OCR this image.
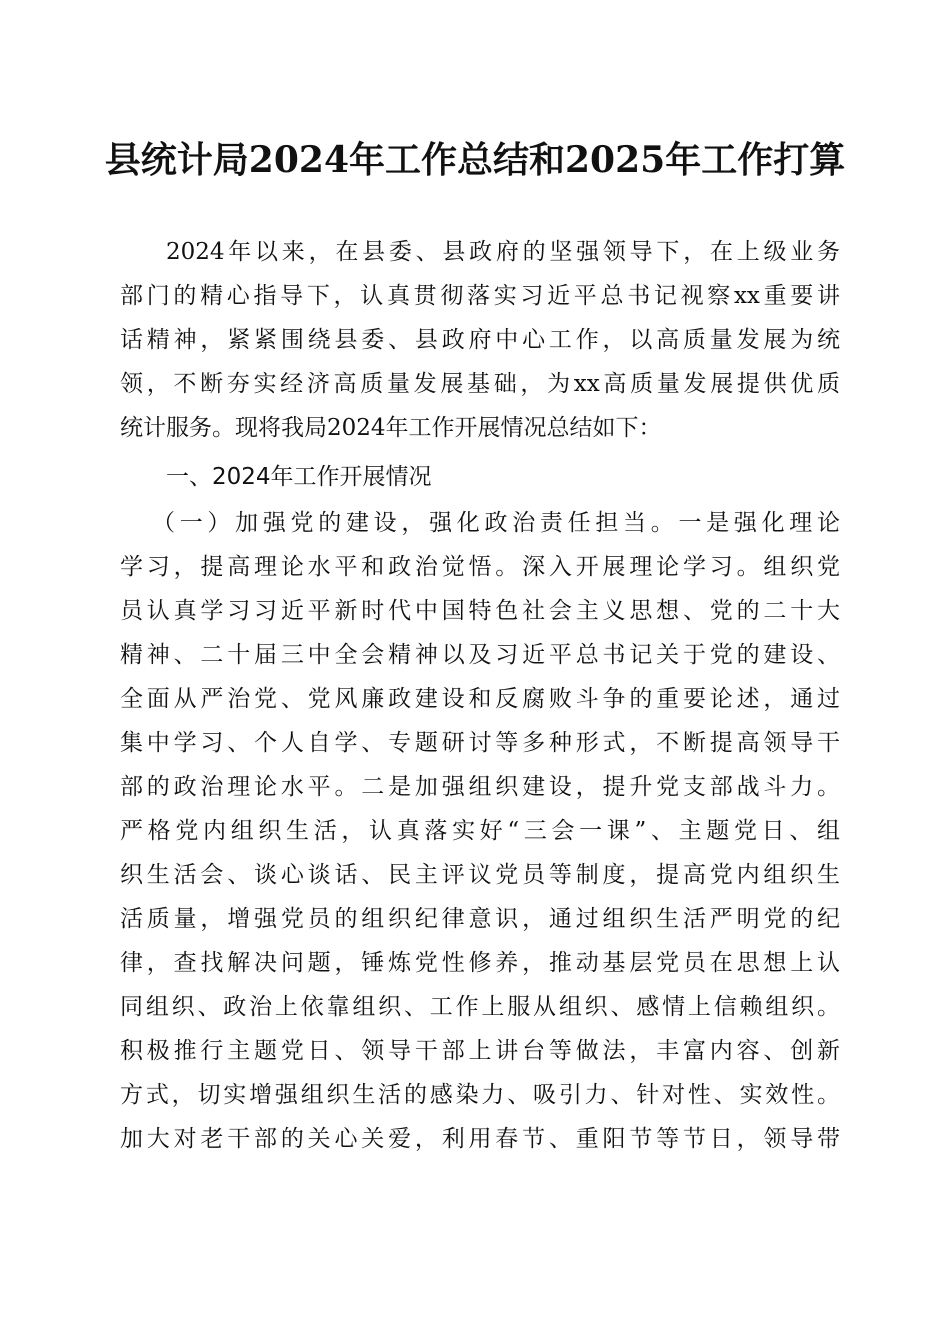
县统计局2024年工作总结和2025年工作打算
2024年以来，在县委、县政府的坚强领导下，在上级业务
部门的精心指导下，认真贯彻落实习近平总书记视察xx重要讲
话精神，紧紧围绕县委、县政府中心工作，以高质量发展为统
领，不断夯实经济高质量发展基础，为xx高质量发展提供优质
统计服务。现将我局2024年工作开展情况总结如下：
一、2024年工作开展情况
（一）加强党的建设，强化政治责任担当。一是强化理论
学习，提高理论水平和政治觉悟。深入开展理论学习。组织党
员认真学习习近平新时代中国特色社会主义思想、党的二十大
精神、二十届三中全会精神以及习近平总书记关于党的建设、
全面从严治党、党风廉政建设和反腐败斗争的重要论述，通过
集中学习、个人自学、专题研讨等多种形式，不断提高领导干
部的政治理论水平。二是加强组织建设，提升党支部战斗力。
严格党内组织生活，认真落实好“三会一课”、主题党日、组
织生活会、谈心谈话、民主评议党员等制度，提高党内组织生
活质量，增强党员的组织纪律意识，通过组织生活严明党的纪
律，查找解决问题，锤炼党性修养，推动基层党员在思想上认
同组织、政治上依靠组织、工作上服从组织、感情上信赖组织。
积极推行主题党日、领导干部上讲台等做法，丰富内容、创新
方式，切实增强组织生活的感染力、吸引力、针对性、实效性。
加大对老干部的关心关爱，利用春节、重阳节等节日，领导带
